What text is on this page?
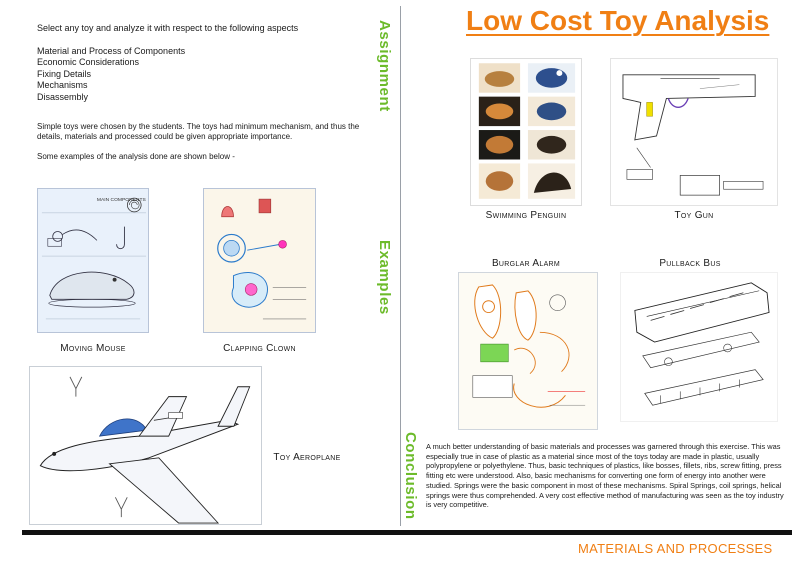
Select any toy and analyze it with respect to the following aspects
Material and Process of Components
Economic Considerations
Fixing Details
Mechanisms
Disassembly
Simple toys were chosen by the students. The toys had minimum mechanism, and thus the details, materials and processed could be given appropriate importance.
Some examples of the analysis done are shown below -
MAIN COMPONENTS
Moving Mouse	Clapping Clown
Toy Aeroplane
Assignment
Examples
Conclusion
Low Cost Toy Analysis
Swimming Penguin	Toy Gun
Burglar Alarm	Pullback Bus
A much better understanding of basic materials and processes was garnered through this exercise. This was especially true in case of plastic as a material since most of the toys today are made in plastic, usually polypropylene or polyethylene. Thus, basic techniques of plastics, like bosses, fillets, ribs, screw fitting, press fitting etc were understood. Also, basic mechanisms for converting one form of energy into another were studied. Springs were the basic component in most of these mechanisms. Spiral Springs, coil springs, helical springs were thus comprehended. A very cost effective method of manufacturing was seen as the toy industry is very competitive.
MATERIALS AND PROCESSES
